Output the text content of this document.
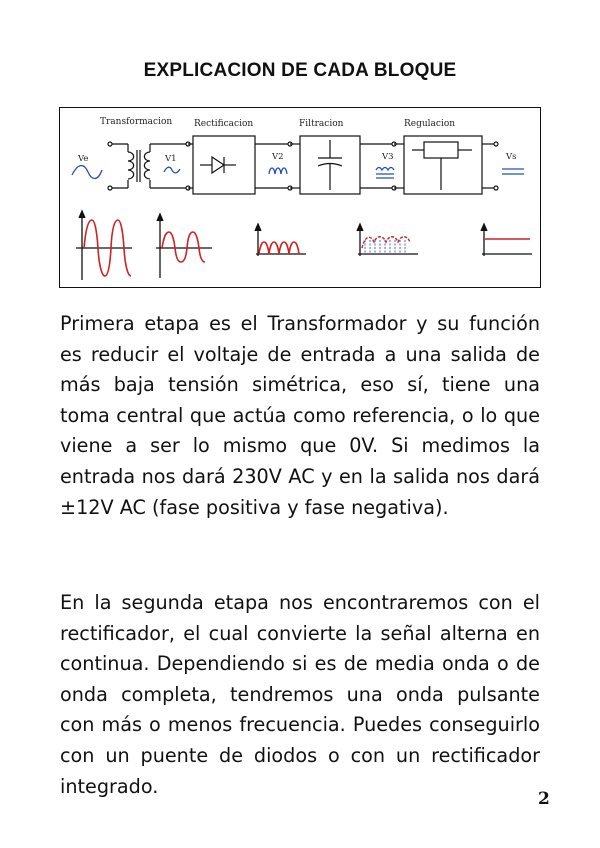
EXPLICACION DE CADA BLOQUE
Transformacion Rectificacion	Filtracion	Regulacion
Ve	V1	V2	V3	Vs

Primera etapa es el Transformador y su función es reducir el voltaje de entrada a una salida de más baja tensión simétrica, eso sí, tiene una toma central que actúa como referencia, o lo que viene a ser lo mismo que 0V. Si medimos la entrada nos dará 230V AC y en la salida nos dará ±12V AC (fase positiva y fase negativa).

En la segunda etapa nos encontraremos con el rectificador, el cual convierte la señal alterna en continua. Dependiendo si es de media onda o de onda completa, tendremos una onda pulsante con más o menos frecuencia. Puedes conseguirlo con un puente de diodos o con un rectificador integrado.

2
